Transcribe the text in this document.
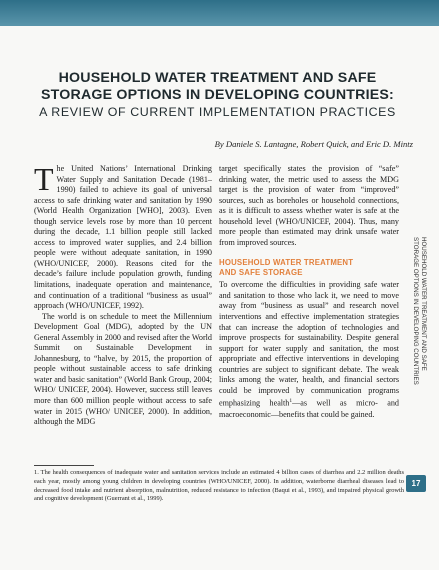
HOUSEHOLD WATER TREATMENT AND SAFE
STORAGE OPTIONS IN DEVELOPING COUNTRIES:
A REVIEW OF CURRENT IMPLEMENTATION PRACTICES
By Daniele S. Lantagne, Robert Quick, and Eric D. Mintz

The United Nations’ International Drinking Water Supply and Sanitation Decade (1981–1990) failed to achieve its goal of universal access to safe drinking water and sanitation by 1990 (World Health Organization [WHO], 2003). Even though service levels rose by more than 10 percent during the decade, 1.1 billion people still lacked access to improved water supplies, and 2.4 billion people were without adequate sanitation, in 1990 (WHO/UNICEF, 2000). Reasons cited for the decade’s failure include population growth, funding limitations, inadequate operation and maintenance, and continuation of a traditional “business as usual” approach (WHO/UNICEF, 1992).

The world is on schedule to meet the Millennium Development Goal (MDG), adopted by the UN General Assembly in 2000 and revised after the World Summit on Sustainable Development in Johannesburg, to “halve, by 2015, the proportion of people without sustainable access to safe drinking water and basic sanitation” (World Bank Group, 2004; WHO/ UNICEF, 2004). However, success still leaves more than 600 million people without access to safe water in 2015 (WHO/ UNICEF, 2000). In addition, although the MDG

target specifically states the provision of “safe” drinking water, the metric used to assess the MDG target is the provision of water from “improved” sources, such as boreholes or household connections, as it is difficult to assess whether water is safe at the household level (WHO/UNICEF, 2004). Thus, many more people than estimated may drink unsafe water from improved sources.

HOUSEHOLD WATER TREATMENT
AND SAFE STORAGE

To overcome the difficulties in providing safe water and sanitation to those who lack it, we need to move away from “business as usual” and research novel interventions and effective implementation strategies that can increase the adoption of technologies and improve prospects for sustainability. Despite general support for water supply and sanitation, the most appropriate and effective interventions in developing countries are subject to significant debate. The weak links among the water, health, and financial sectors could be improved by communication programs emphasizing health$^1$—as well as micro- and macroeconomic—benefits that could be gained.

1. The health consequences of inadequate water and sanitation services include an estimated 4 billion cases of diarrhea and 2.2 million deaths each year, mostly among young children in developing countries (WHO/UNICEF, 2000). In addition, waterborne diarrheal diseases lead to decreased food intake and nutrient absorption, malnutrition, reduced resistance to infection (Baqui et al., 1993), and impaired physical growth and cognitive development (Guerrant et al., 1999).
HOUSEHOLD WATER TREATMENT AND SAFE
STORAGE OPTIONS IN DEVELOPING COUNTRIES
17
